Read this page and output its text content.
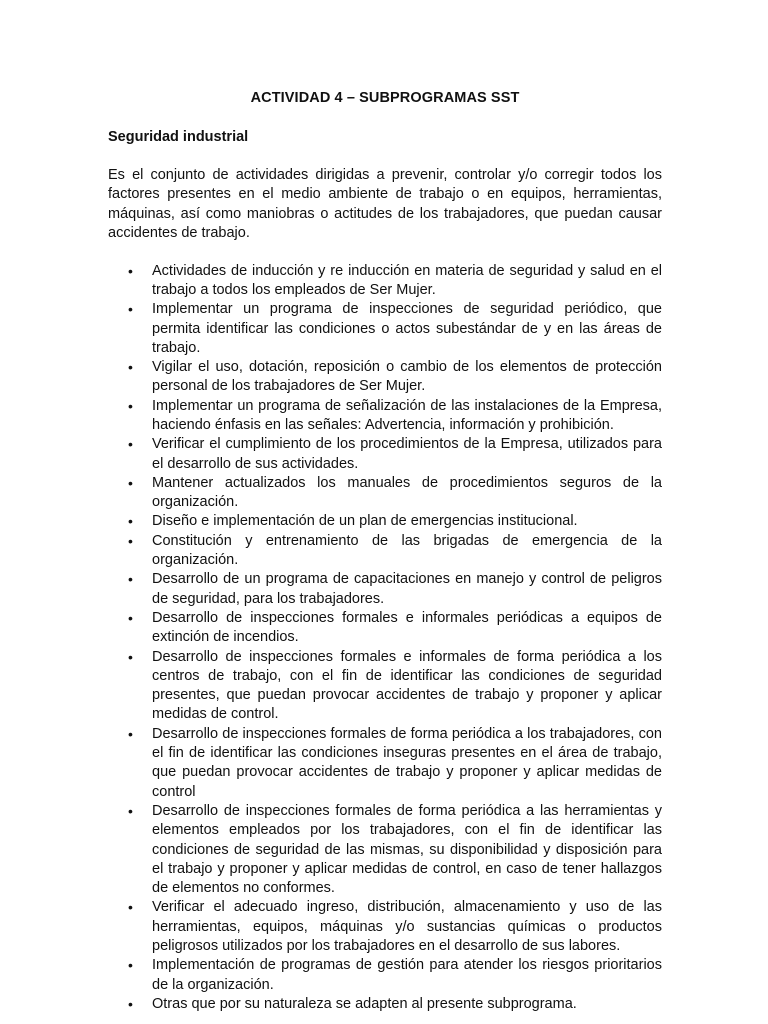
ACTIVIDAD 4 – SUBPROGRAMAS SST
Seguridad industrial

Es el conjunto de actividades dirigidas a prevenir, controlar y/o corregir todos los factores presentes en el medio ambiente de trabajo o en equipos, herramientas, máquinas, así como maniobras o actitudes de los trabajadores, que puedan causar accidentes de trabajo.

• Actividades de inducción y re inducción en materia de seguridad y salud en el trabajo a todos los empleados de Ser Mujer.
• Implementar un programa de inspecciones de seguridad periódico, que permita identificar las condiciones o actos subestándar de y en las áreas de trabajo.
• Vigilar el uso, dotación, reposición o cambio de los elementos de protección personal de los trabajadores de Ser Mujer.
• Implementar un programa de señalización de las instalaciones de la Empresa, haciendo énfasis en las señales: Advertencia, información y prohibición.
• Verificar el cumplimiento de los procedimientos de la Empresa, utilizados para el desarrollo de sus actividades.
• Mantener actualizados los manuales de procedimientos seguros de la organización.
• Diseño e implementación de un plan de emergencias institucional.
• Constitución y entrenamiento de las brigadas de emergencia de la organización.
• Desarrollo de un programa de capacitaciones en manejo y control de peligros de seguridad, para los trabajadores.
• Desarrollo de inspecciones formales e informales periódicas a equipos de extinción de incendios.
• Desarrollo de inspecciones formales e informales de forma periódica a los centros de trabajo, con el fin de identificar las condiciones de seguridad presentes, que puedan provocar accidentes de trabajo y proponer y aplicar medidas de control.
• Desarrollo de inspecciones formales de forma periódica a los trabajadores, con el fin de identificar las condiciones inseguras presentes en el área de trabajo, que puedan provocar accidentes de trabajo y proponer y aplicar medidas de control
• Desarrollo de inspecciones formales de forma periódica a las herramientas y elementos empleados por los trabajadores, con el fin de identificar las condiciones de seguridad de las mismas, su disponibilidad y disposición para el trabajo y proponer y aplicar medidas de control, en caso de tener hallazgos de elementos no conformes.
• Verificar el adecuado ingreso, distribución, almacenamiento y uso de las herramientas, equipos, máquinas y/o sustancias químicas o productos peligrosos utilizados por los trabajadores en el desarrollo de sus labores.
• Implementación de programas de gestión para atender los riesgos prioritarios de la organización.
• Otras que por su naturaleza se adapten al presente subprograma.
